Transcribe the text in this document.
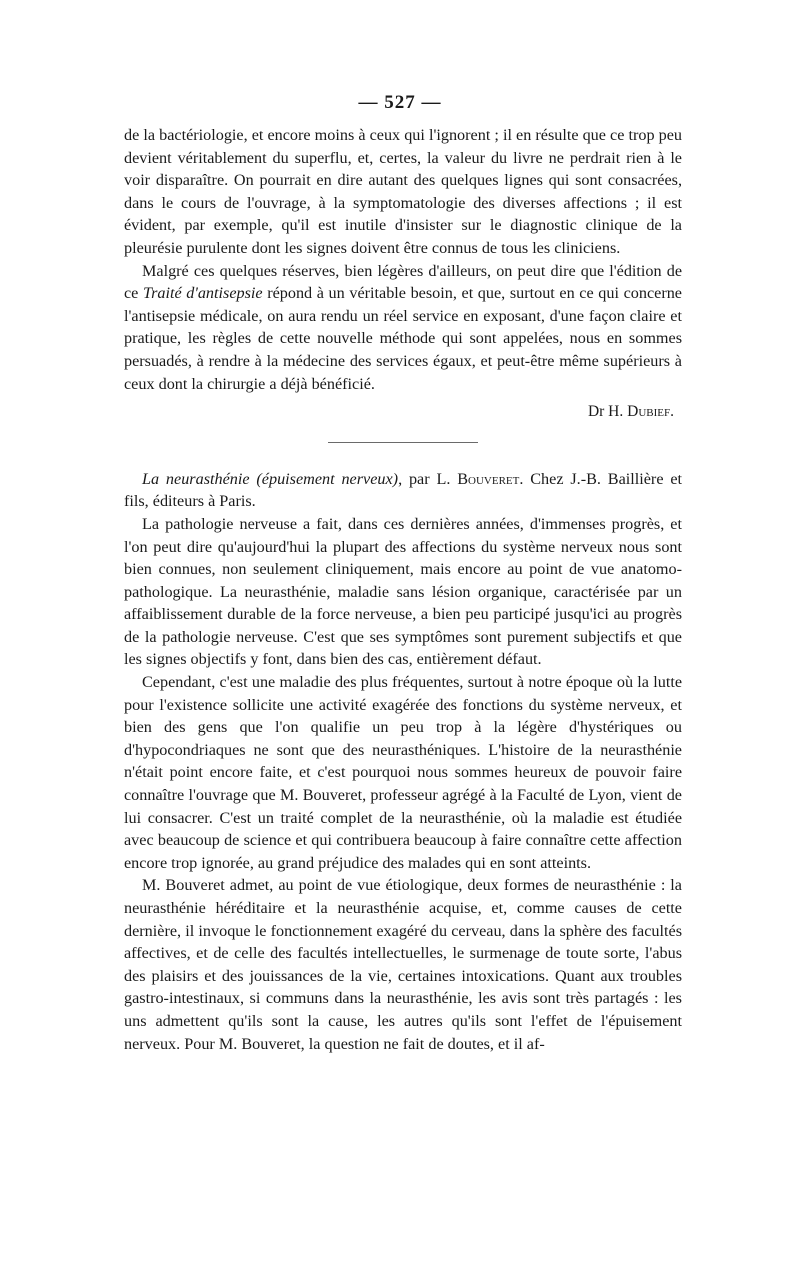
— 527 —

de la bactériologie, et encore moins à ceux qui l'ignorent ; il en résulte que ce trop peu devient véritablement du superflu, et, certes, la valeur du livre ne perdrait rien à le voir disparaître. On pourrait en dire autant des quelques lignes qui sont consacrées, dans le cours de l'ouvrage, à la symptomatologie des diverses affections ; il est évident, par exemple, qu'il est inutile d'insister sur le diagnostic clinique de la pleurésie purulente dont les signes doivent être connus de tous les cliniciens.

Malgré ces quelques réserves, bien légères d'ailleurs, on peut dire que l'édition de ce Traité d'antisepsie répond à un véritable besoin, et que, surtout en ce qui concerne l'antisepsie médicale, on aura rendu un réel service en exposant, d'une façon claire et pratique, les règles de cette nouvelle méthode qui sont appelées, nous en sommes persuadés, à rendre à la médecine des services égaux, et peut-être même supérieurs à ceux dont la chirurgie a déjà bénéficié.

Dr H. Dubief.

La neurasthénie (épuisement nerveux), par L. Bouveret. Chez J.-B. Baillière et fils, éditeurs à Paris.

La pathologie nerveuse a fait, dans ces dernières années, d'immenses progrès, et l'on peut dire qu'aujourd'hui la plupart des affections du système nerveux nous sont bien connues, non seulement cliniquement, mais encore au point de vue anatomo-pathologique. La neurasthénie, maladie sans lésion organique, caractérisée par un affaiblissement durable de la force nerveuse, a bien peu participé jusqu'ici au progrès de la pathologie nerveuse. C'est que ses symptômes sont purement subjectifs et que les signes objectifs y font, dans bien des cas, entièrement défaut.

Cependant, c'est une maladie des plus fréquentes, surtout à notre époque où la lutte pour l'existence sollicite une activité exagérée des fonctions du système nerveux, et bien des gens que l'on qualifie un peu trop à la légère d'hystériques ou d'hypocondriaques ne sont que des neurasthéniques. L'histoire de la neurasthénie n'était point encore faite, et c'est pourquoi nous sommes heureux de pouvoir faire connaître l'ouvrage que M. Bouveret, professeur agrégé à la Faculté de Lyon, vient de lui consacrer. C'est un traité complet de la neurasthénie, où la maladie est étudiée avec beaucoup de science et qui contribuera beaucoup à faire connaître cette affection encore trop ignorée, au grand préjudice des malades qui en sont atteints.

M. Bouveret admet, au point de vue étiologique, deux formes de neurasthénie : la neurasthénie héréditaire et la neurasthénie acquise, et, comme causes de cette dernière, il invoque le fonctionnement exagéré du cerveau, dans la sphère des facultés affectives, et de celle des facultés intellectuelles, le surmenage de toute sorte, l'abus des plaisirs et des jouissances de la vie, certaines intoxications. Quant aux troubles gastro-intestinaux, si communs dans la neurasthénie, les avis sont très partagés : les uns admettent qu'ils sont la cause, les autres qu'ils sont l'effet de l'épuisement nerveux. Pour M. Bouveret, la question ne fait de doutes, et il af-
